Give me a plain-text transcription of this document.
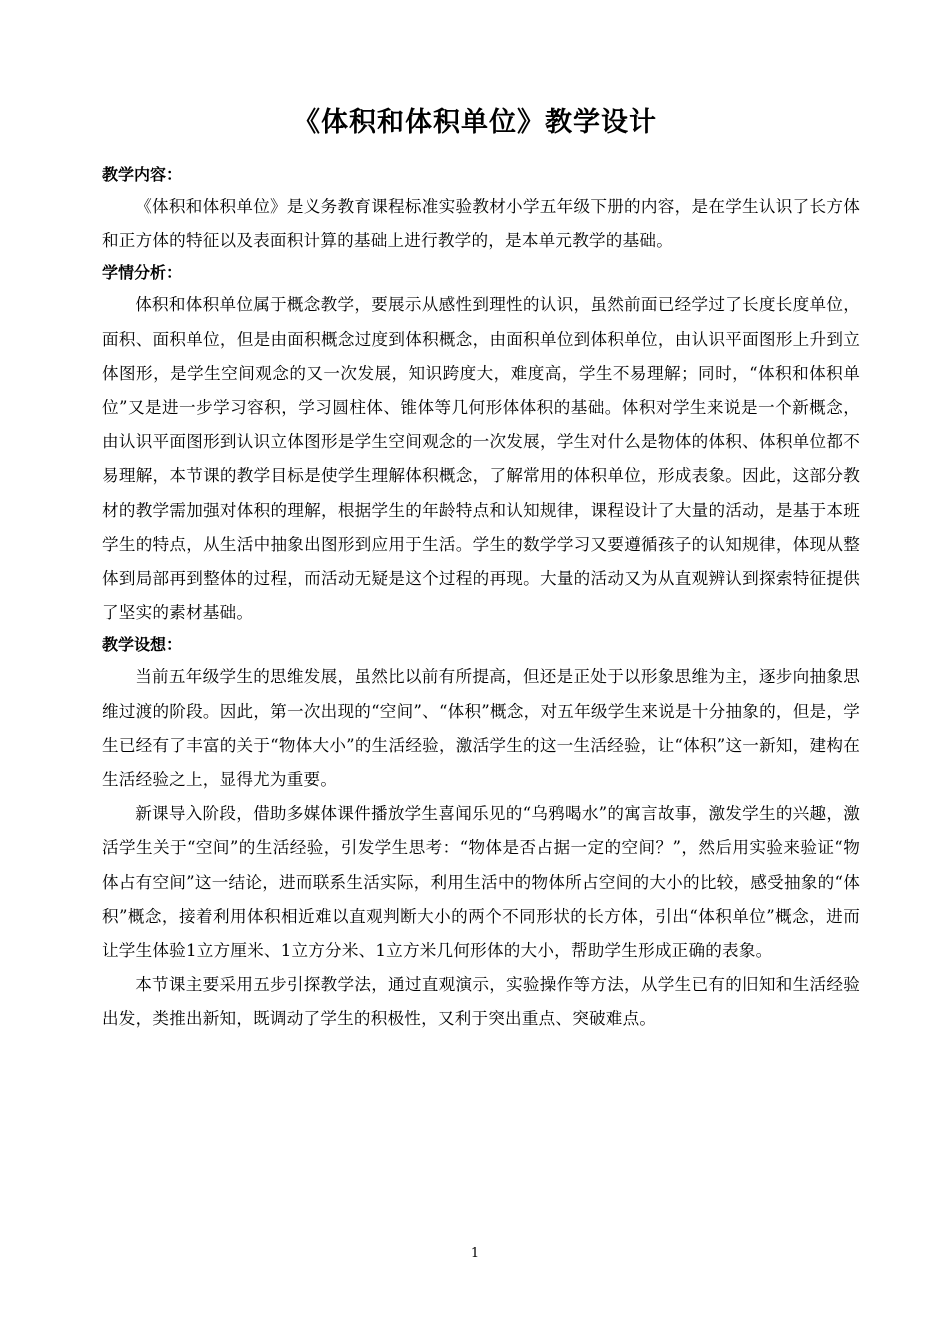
《体积和体积单位》教学设计
教学内容：

《体积和体积单位》是义务教育课程标准实验教材小学五年级下册的内容，是在学生认识了长方体和正方体的特征以及表面积计算的基础上进行教学的，是本单元教学的基础。

学情分析：

体积和体积单位属于概念教学，要展示从感性到理性的认识，虽然前面已经学过了长度长度单位，面积、面积单位，但是由面积概念过度到体积概念，由面积单位到体积单位，由认识平面图形上升到立体图形，是学生空间观念的又一次发展，知识跨度大，难度高，学生不易理解；同时，“体积和体积单位”又是进一步学习容积，学习圆柱体、锥体等几何形体体积的基础。体积对学生来说是一个新概念，由认识平面图形到认识立体图形是学生空间观念的一次发展，学生对什么是物体的体积、体积单位都不易理解，本节课的教学目标是使学生理解体积概念，了解常用的体积单位，形成表象。因此，这部分教材的教学需加强对体积的理解，根据学生的年龄特点和认知规律，课程设计了大量的活动，是基于本班学生的特点，从生活中抽象出图形到应用于生活。学生的数学学习又要遵循孩子的认知规律，体现从整体到局部再到整体的过程，而活动无疑是这个过程的再现。大量的活动又为从直观辨认到探索特征提供了坚实的素材基础。

教学设想：

当前五年级学生的思维发展，虽然比以前有所提高，但还是正处于以形象思维为主，逐步向抽象思维过渡的阶段。因此，第一次出现的“空间”、“体积”概念，对五年级学生来说是十分抽象的，但是，学生已经有了丰富的关于“物体大小”的生活经验，激活学生的这一生活经验，让“体积”这一新知，建构在生活经验之上，显得尤为重要。

新课导入阶段，借助多媒体课件播放学生喜闻乐见的“乌鸦喝水”的寓言故事，激发学生的兴趣，激活学生关于“空间”的生活经验，引发学生思考：“物体是否占据一定的空间？”，然后用实验来验证“物体占有空间”这一结论，进而联系生活实际，利用生活中的物体所占空间的大小的比较，感受抽象的“体积”概念，接着利用体积相近难以直观判断大小的两个不同形状的长方体，引出“体积单位”概念，进而让学生体验1立方厘米、1立方分米、1立方米几何形体的大小，帮助学生形成正确的表象。

本节课主要采用五步引探教学法，通过直观演示，实验操作等方法，从学生已有的旧知和生活经验出发，类推出新知，既调动了学生的积极性，又利于突出重点、突破难点。

1
